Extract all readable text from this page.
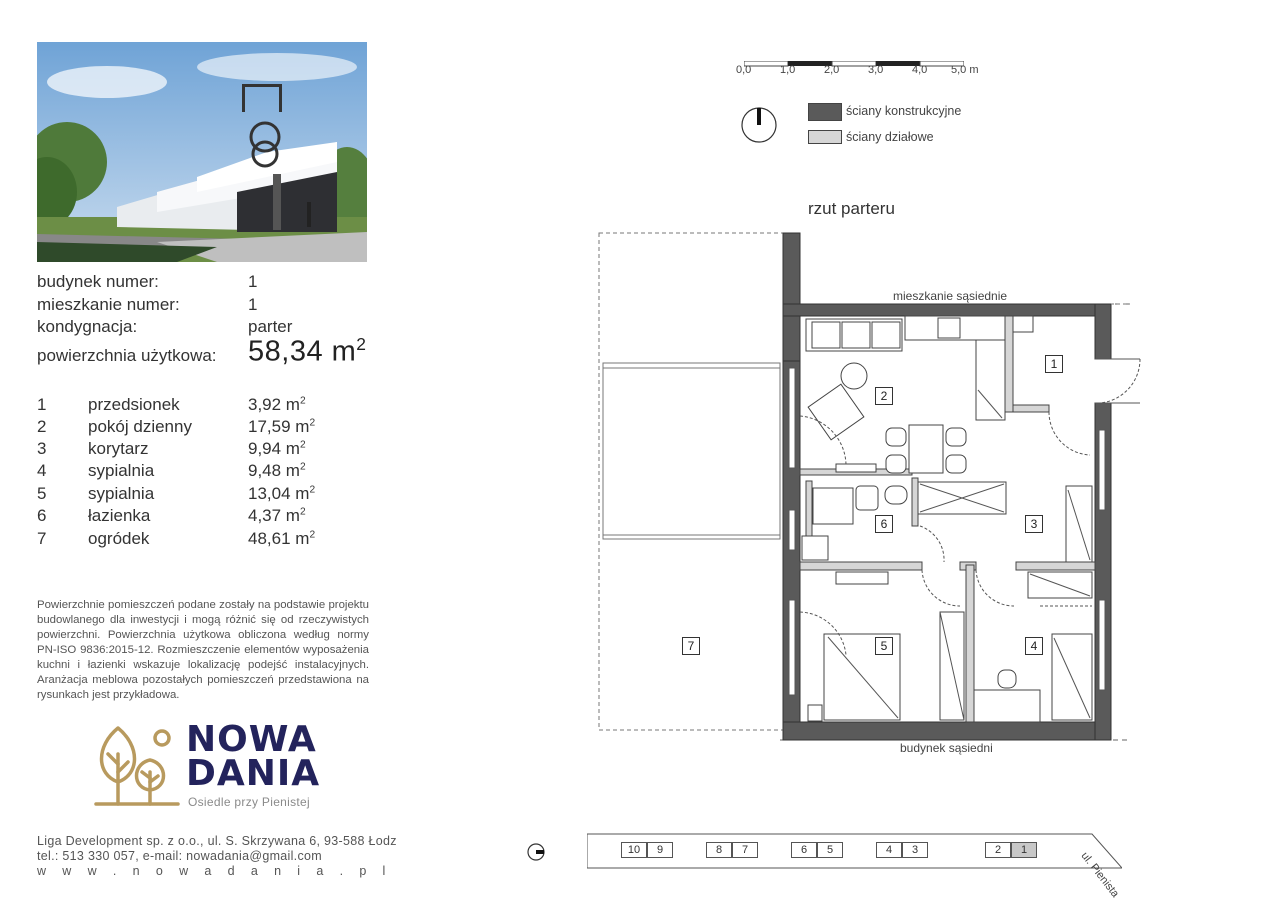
budynek numer:	1
mieszkanie numer:	1
kondygnacja:	parter
powierzchnia użytkowa: 58,34 $m^2$
1 przedsionek	3,92 $m^2$
2 pokój dzienny	17,59 $m^2$
3 korytarz	9,94 $m^2$
4 sypialnia	9,48 $m^2$
5 sypialnia	13,04 $m^2$
6 łazienka	4,37 $m^2$
7 ogródek	48,61 $m^2$
Powierzchnie pomieszczeń podane zostały na podstawie projektu budowlanego dla inwestycji i mogą różnić się od rzeczywistych powierzchni. Powierzchnia użytkowa obliczona według normy PN-ISO 9836:2015-12. Rozmieszczenie elementów wyposażenia kuchni i łazienki wskazuje lokalizację podejść instalacyjnych. Aranżacja meblowa pozostałych pomieszczeń przedstawiona na rysunkach jest przykładowa.
NOWA
DANIA
Osiedle przy Pienistej
Liga Development sp. z o.o., ul. S. Skrzywana 6, 93-588 Łodz
tel.: 513 330 057, e-mail: nowadania@gmail.com
w w w . n o w a d a n i a . p l
0,0	1,0	2,0	3,0	4,0 5,0 m
ściany konstrukcyjne
ściany działowe
rzut parteru
mieszkanie sąsiednie
budynek sąsiedni
1
2
3
4
5
6
7
10	9	8	7	6	5	4	3	2	1	ul. Pienista
